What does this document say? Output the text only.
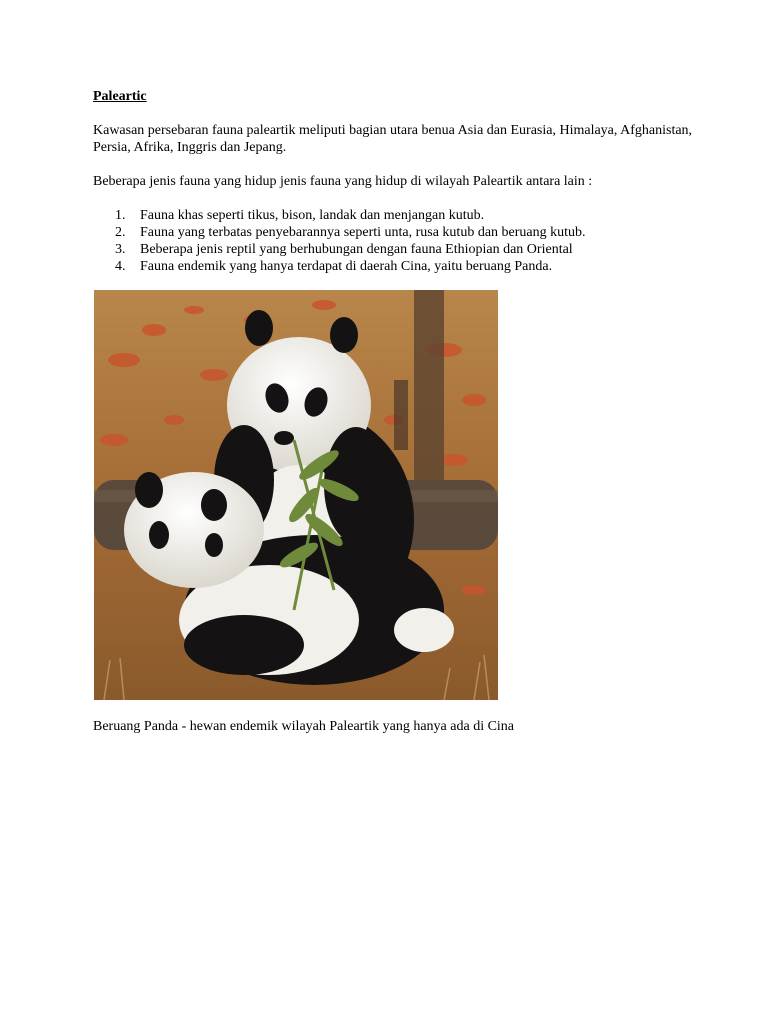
Paleartic
Kawasan persebaran fauna paleartik meliputi bagian utara benua Asia dan Eurasia, Himalaya, Afghanistan, Persia, Afrika, Inggris dan Jepang.
Beberapa jenis fauna yang hidup jenis fauna yang hidup di wilayah Paleartik antara lain :
1. Fauna khas seperti tikus, bison, landak dan menjangan kutub.
2. Fauna yang terbatas penyebarannya seperti unta, rusa kutub dan beruang kutub.
3. Beberapa jenis reptil yang berhubungan dengan fauna Ethiopian dan Oriental
4. Fauna endemik yang hanya terdapat di daerah Cina, yaitu beruang Panda.
Beruang Panda - hewan endemik wilayah Paleartik yang hanya ada di Cina
